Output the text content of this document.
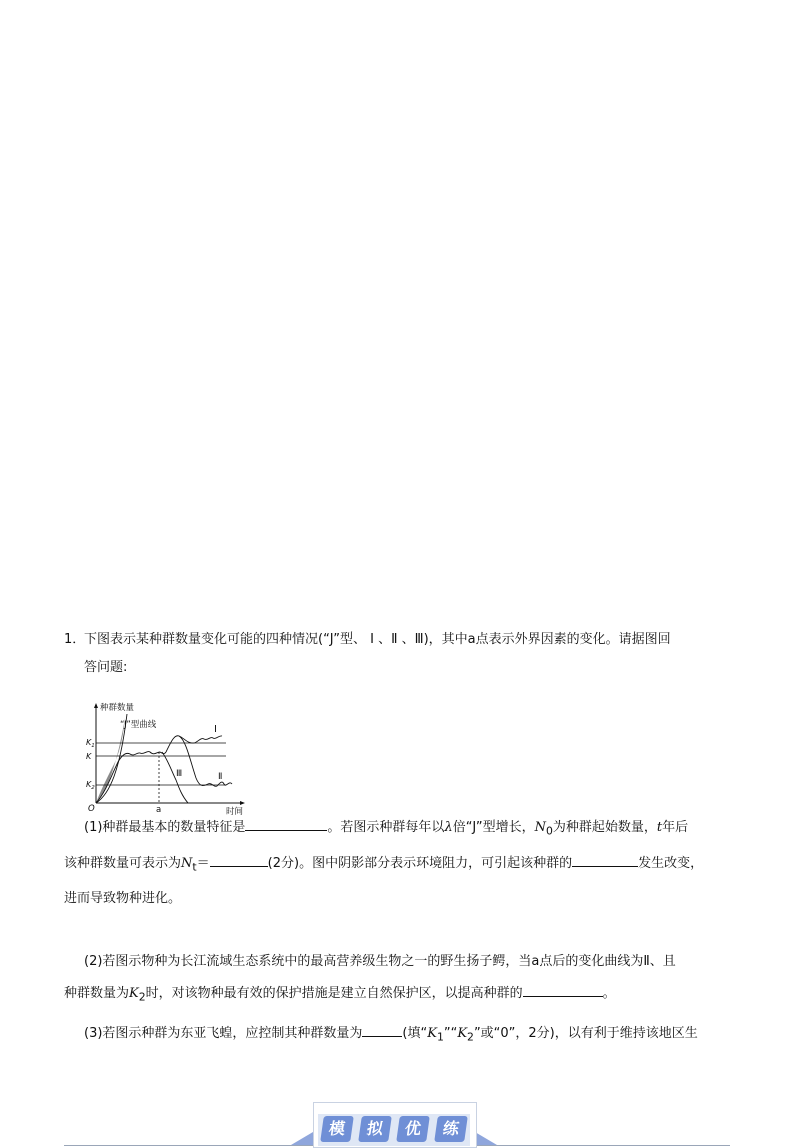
模	拟	优	练
1．下图表示某种群数量变化可能的四种情况(“J”型、 Ⅰ 、Ⅱ 、Ⅲ)，其中a点表示外界因素的变化。请据图回
答问题:
种群数量
“J”型曲线	Ⅰ
Ⅱ
Ⅲ
$K_1$
K
$K_2$
O	a	时间
(1)种群最基本的数量特征是	。若图示种群每年以λ倍“J”型增长，$N_0$为种群起始数量，t年后
该种群数量可表示为$N_t=$	(2分)。图中阴影部分表示环境阻力，可引起该种群的	发生改变，
进而导致物种进化。
(2)若图示物种为长江流域生态系统中的最高营养级生物之一的野生扬子鳄，当a点后的变化曲线为Ⅱ、且
种群数量为$K_2$时，对该物种最有效的保护措施是建立自然保护区，以提高种群的	。
(3)若图示种群为东亚飞蝗，应控制其种群数量为	(填“$K_1”“K_2$”或“0”，2分)，以有利于维持该地区生
